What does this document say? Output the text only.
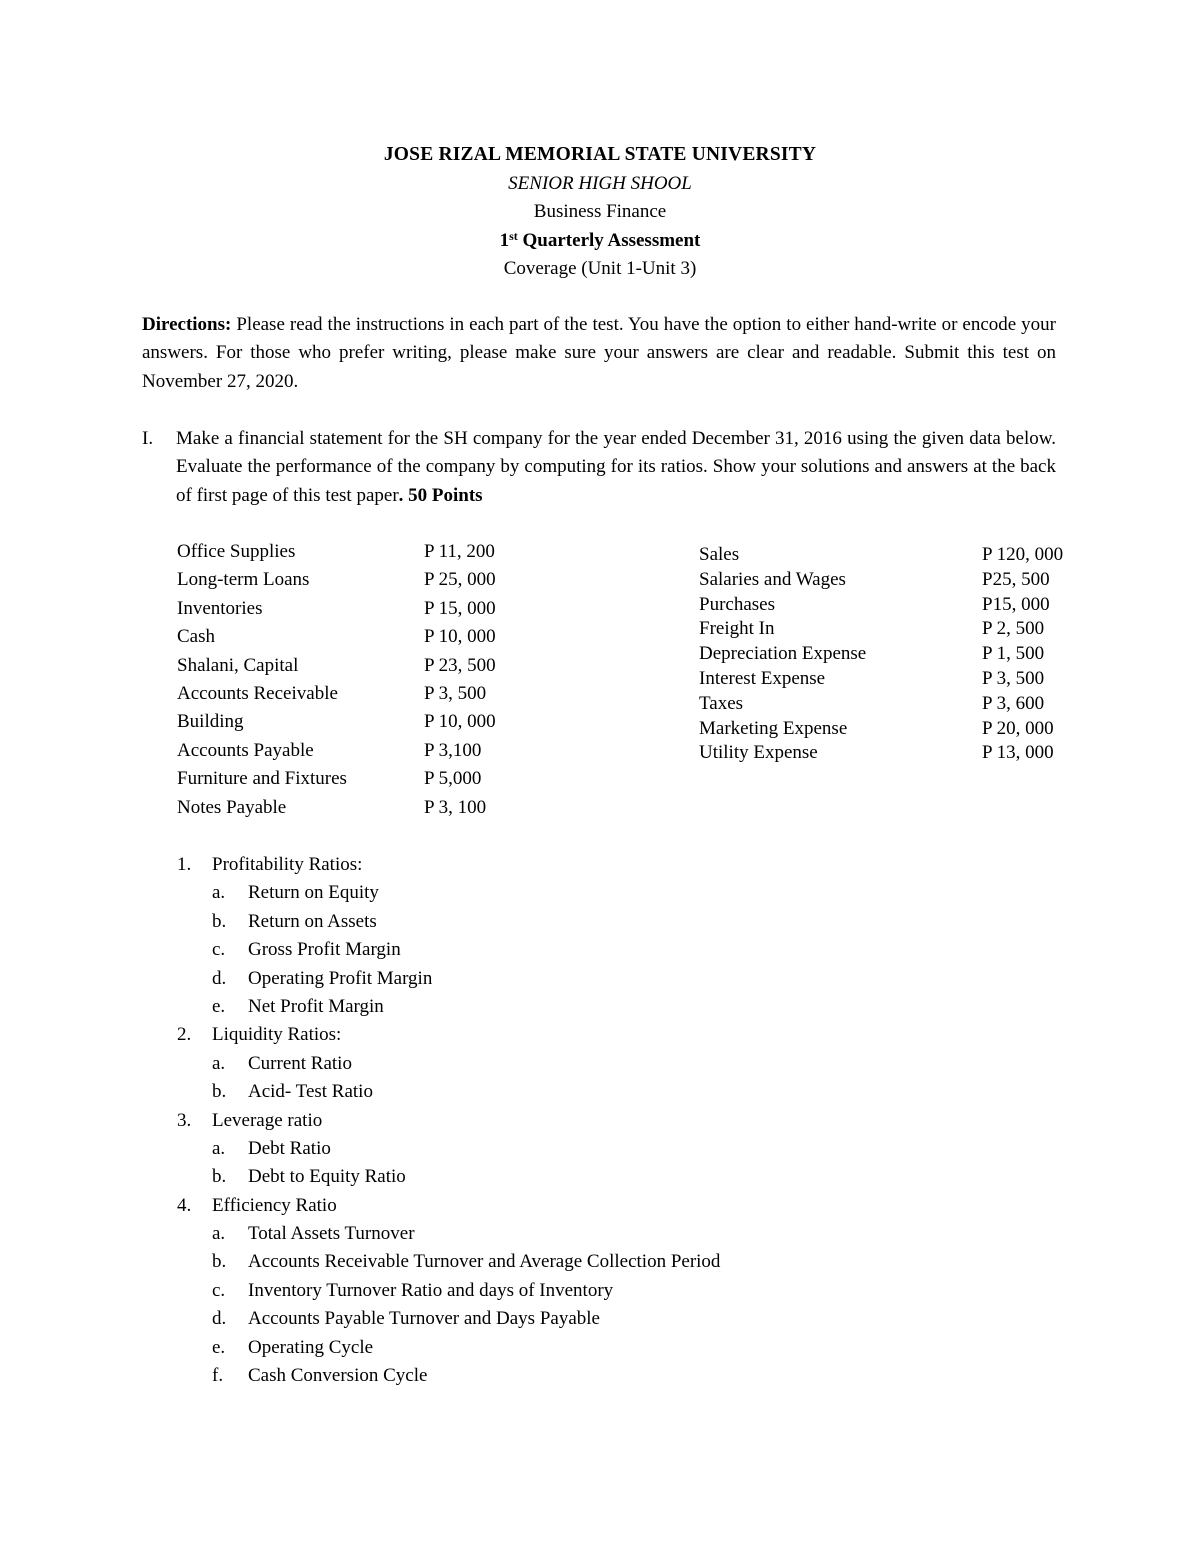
JOSE RIZAL MEMORIAL STATE UNIVERSITY
SENIOR HIGH SHOOL
Business Finance
1st Quarterly Assessment
Coverage (Unit 1-Unit 3)
Directions: Please read the instructions in each part of the test. You have the option to either hand-write or encode your answers. For those who prefer writing, please make sure your answers are clear and readable. Submit this test on November 27, 2020.
I. Make a financial statement for the SH company for the year ended December 31, 2016 using the given data below. Evaluate the performance of the company by computing for its ratios. Show your solutions and answers at the back of first page of this test paper. 50 Points
Office Supplies	P 11, 200
Long-term Loans	P 25, 000
Inventories	P 15, 000
Cash	P 10, 000
Shalani, Capital	P 23, 500
Accounts Receivable	P 3, 500
Building	P 10, 000
Accounts Payable	P 3,100
Furniture and Fixtures	P 5,000
Notes Payable	P 3, 100
Sales	P 120, 000
Salaries and Wages	P25, 500
Purchases	P15, 000
Freight In	P 2, 500
Depreciation Expense	P 1, 500
Interest Expense	P 3, 500
Taxes	P 3, 600
Marketing Expense	P 20, 000
Utility Expense	P 13, 000
1. Profitability Ratios:
a. Return on Equity
b. Return on Assets
c. Gross Profit Margin
d. Operating Profit Margin
e. Net Profit Margin
2. Liquidity Ratios:
a. Current Ratio
b. Acid- Test Ratio
3. Leverage ratio
a. Debt Ratio
b. Debt to Equity Ratio
4. Efficiency Ratio
a. Total Assets Turnover
b. Accounts Receivable Turnover and Average Collection Period
c. Inventory Turnover Ratio and days of Inventory
d. Accounts Payable Turnover and Days Payable
e. Operating Cycle
f. Cash Conversion Cycle
